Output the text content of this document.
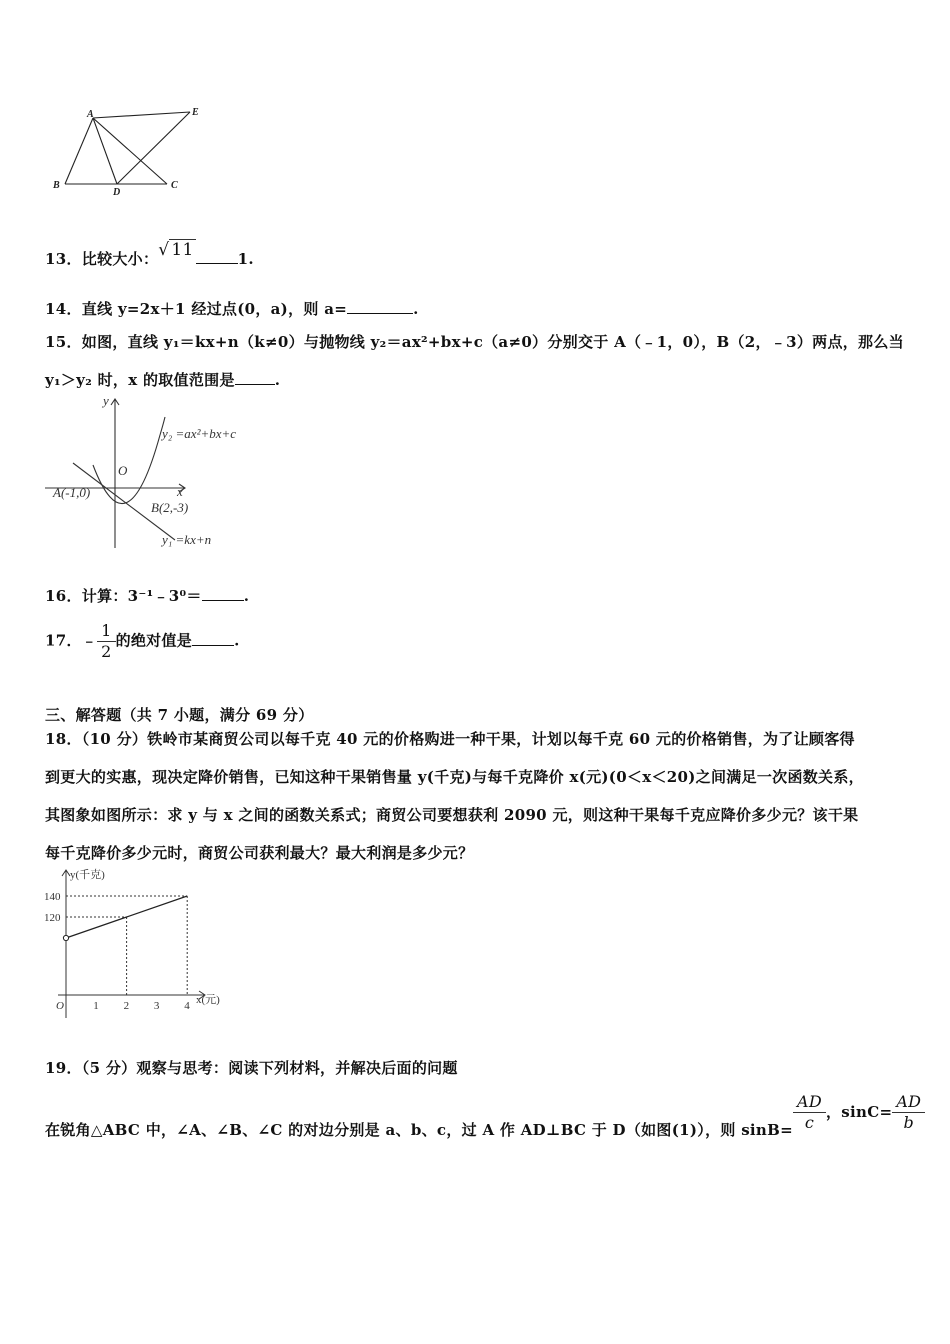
A
B	C
D
E
13．比较大小：√ 11	1.
14．直线 y=2x＋1 经过点(0，a)，则 a=	.
15．如图，直线 y₁＝kx+n（k≠0）与抛物线 y₂＝ax²+bx+c（a≠0）分别交于 A（﹣1，0），B（2，﹣3）两点，那么当
y₁＞y₂ 时，x 的取值范围是	.
y
x
O
A(-1,0)
B(2,-3)
y₂ =ax²+bx+c
y₁ =kx+n
16．计算：3⁻¹﹣3⁰＝	.
17．﹣ $\frac{1}{2}$ 的绝对值是	.
三、解答题（共 7 小题，满分 69 分）
18．（10 分）铁岭市某商贸公司以每千克 40 元的价格购进一种干果，计划以每千克 60 元的价格销售，为了让顾客得
到更大的实惠，现决定降价销售，已知这种干果销售量 y(千克)与每千克降价 x(元)(0＜x＜20)之间满足一次函数关系，
其图象如图所示：求 y 与 x 之间的函数关系式；商贸公司要想获利 2090 元，则这种干果每千克应降价多少元？该干果
每千克降价多少元时，商贸公司获利最大？最大利润是多少元？
O	1 2 3 4
120
140
y(千克)
x(元)
19．（5 分）观察与思考：阅读下列材料，并解决后面的问题
在锐角△ABC 中，∠A、∠B、∠C 的对边分别是 a、b、c，过 A 作 AD⊥BC 于 D（如图(1)），则 $\sin B= \frac{AD}{c}$ ，$\sin C= \frac{AD}{b}$
